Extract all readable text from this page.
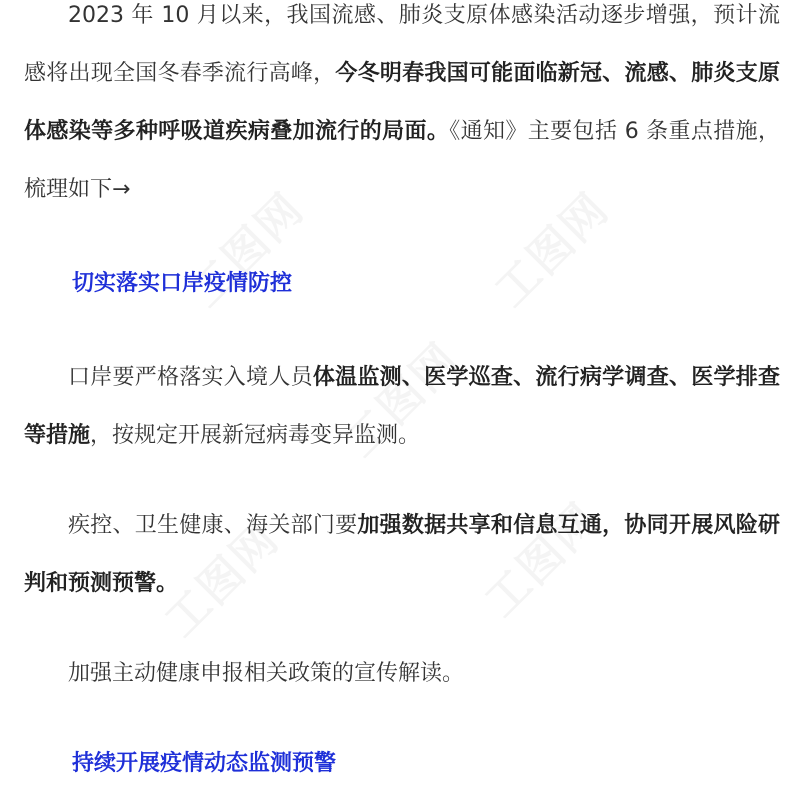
2023 年 10 月以来，我国流感、肺炎支原体感染活动逐步增强，预计流感将出现全国冬春季流行高峰，今冬明春我国可能面临新冠、流感、肺炎支原体感染等多种呼吸道疾病叠加流行的局面。《通知》主要包括 6 条重点措施，梳理如下→

切实落实口岸疫情防控

口岸要严格落实入境人员体温监测、医学巡查、流行病学调查、医学排查等措施，按规定开展新冠病毒变异监测。

疾控、卫生健康、海关部门要加强数据共享和信息互通，协同开展风险研判和预测预警。

加强主动健康申报相关政策的宣传解读。

持续开展疫情动态监测预警
